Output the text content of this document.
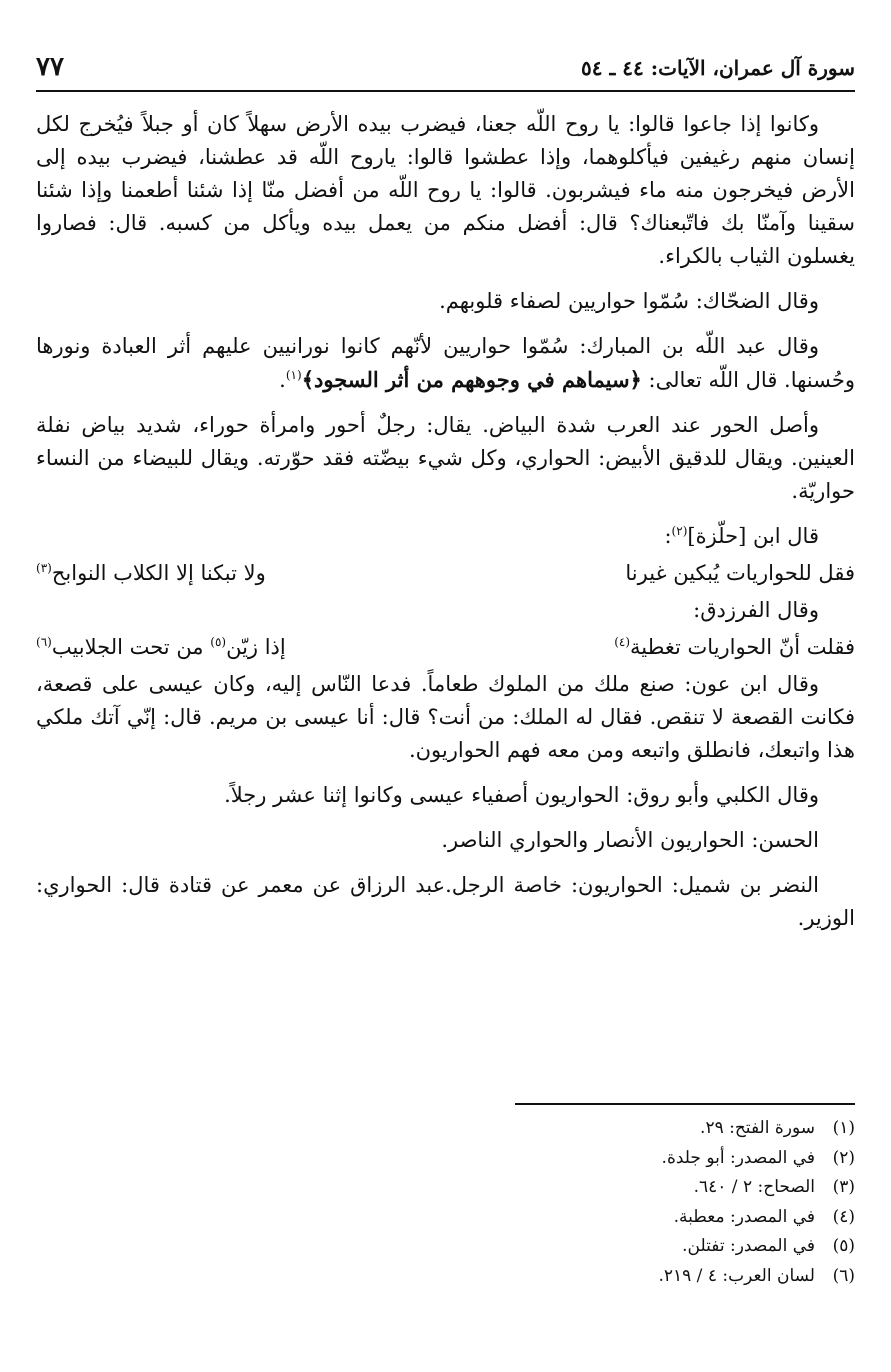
سورة آل عمران، الآيات: ٤٤ ـ ٥٤
٧٧

وكانوا إذا جاعوا قالوا: يا روح اللّه جعنا، فيضرب بيده الأرض سهلاً كان أو جبلاً فيُخرج لكل إنسان منهم رغيفين فيأكلوهما، وإذا عطشوا قالوا: ياروح اللّه قد عطشنا، فيضرب بيده إلى الأرض فيخرجون منه ماء فيشربون. قالوا: يا روح اللّه من أفضل منّا إذا شئنا أطعمنا وإذا شئنا سقينا وآمنّا بك فاتّبعناك؟ قال: أفضل منكم من يعمل بيده ويأكل من كسبه. قال: فصاروا يغسلون الثياب بالكراء.

وقال الضحّاك: سُمّوا حواريين لصفاء قلوبهم.

وقال عبد اللّه بن المبارك: سُمّوا حواريين لأنّهم كانوا نورانيين عليهم أثر العبادة ونورها وحُسنها. قال اللّه تعالى: ﴿سيماهم في وجوههم من أثر السجود﴾$^{(١)}$.

وأصل الحور عند العرب شدة البياض. يقال: رجلٌ أحور وامرأة حوراء، شديد بياض نفلة العينين. ويقال للدقيق الأبيض: الحواري، وكل شيء بيضّته فقد حوّرته. ويقال للبيضاء من النساء حواريّة.

قال ابن [حلّزة]$^{(٢)}$:

فقل للحواريات يُبكين غيرنا
ولا تبكنا إلا الكلاب النوابح$^{(٣)}$

وقال الفرزدق:

فقلت أنّ الحواريات تغطية$^{(٤)}$
إذا زيّن$^{(٥)}$ من تحت الجلابيب$^{(٦)}$

وقال ابن عون: صنع ملك من الملوك طعاماً. فدعا النّاس إليه، وكان عيسى على قصعة، فكانت القصعة لا تنقص. فقال له الملك: من أنت؟ قال: أنا عيسى بن مريم. قال: إنّي آتك ملكي هذا واتبعك، فانطلق واتبعه ومن معه فهم الحواريون.

وقال الكلبي وأبو روق: الحواريون أصفياء عيسى وكانوا إثنا عشر رجلاً.

الحسن: الحواريون الأنصار والحواري الناصر.

النضر بن شميل: الحواريون: خاصة الرجل.عبد الرزاق عن معمر عن قتادة قال: الحواري: الوزير.

(١)
سورة الفتح: ٢٩.
(٢)
في المصدر: أبو جلدة.
(٣)
الصحاح: ٢ / ٦٤٠.
(٤)
في المصدر: معطبة.
(٥)
في المصدر: تفتلن.
(٦)
لسان العرب: ٤ / ٢١٩.
